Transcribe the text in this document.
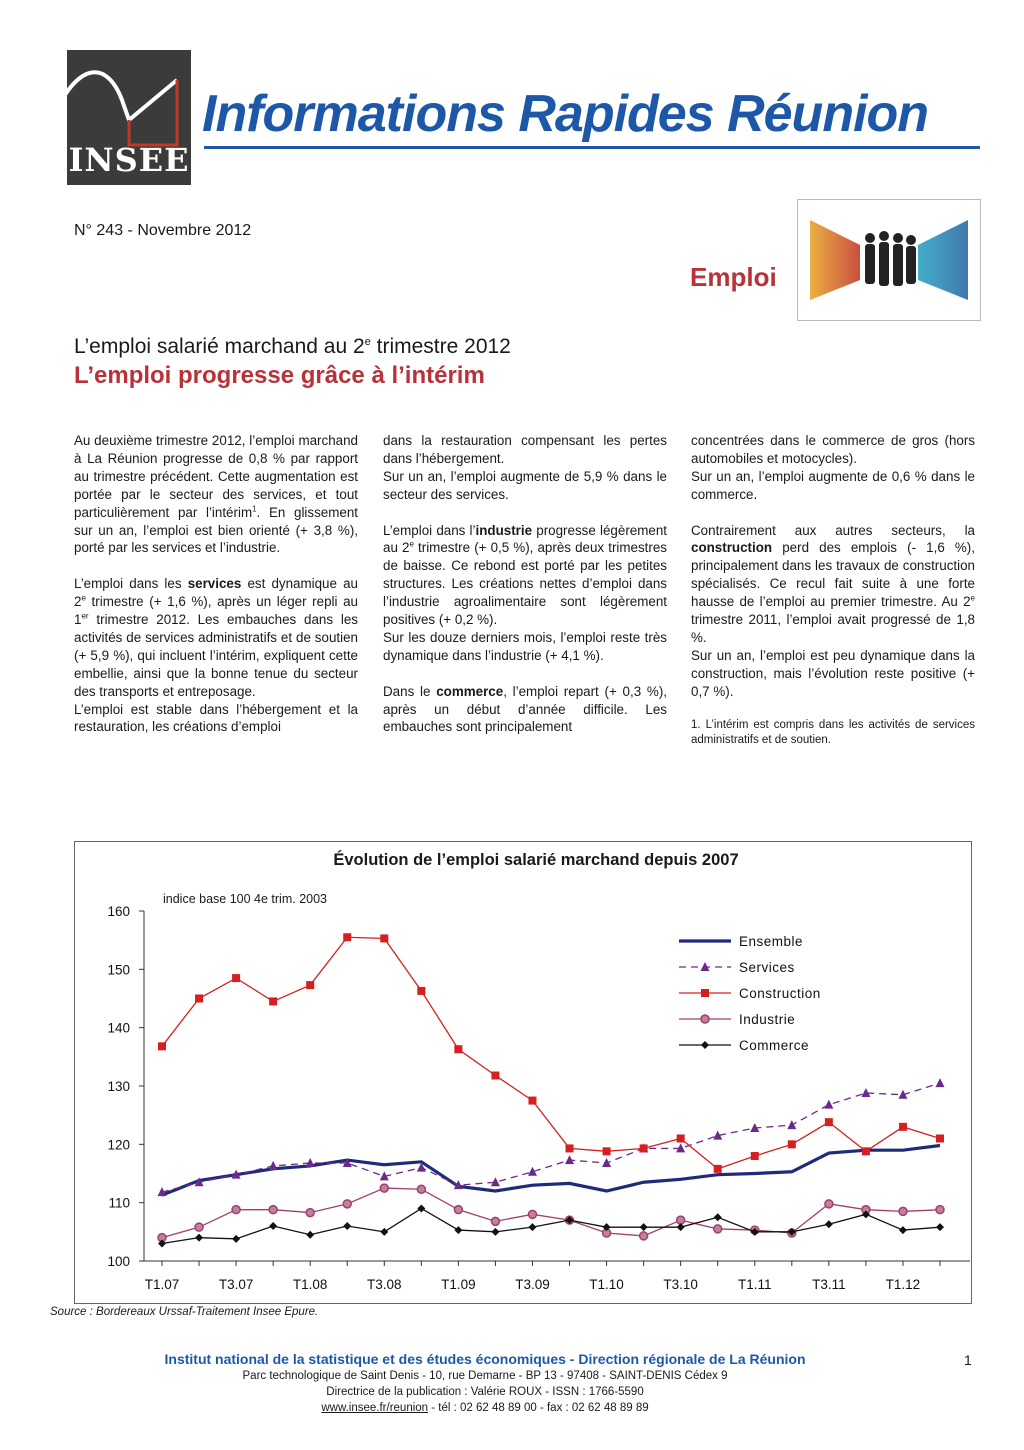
INSEE
Informations Rapides Réunion
N° 243 - Novembre 2012
Emploi
L’emploi salarié marchand au 2e trimestre 2012
L’emploi progresse grâce à l’intérim

Au deuxième trimestre 2012, l’emploi marchand à La Réunion progresse de 0,8 % par rapport au trimestre précédent. Cette augmentation est portée par le secteur des services, et tout particulièrement par l’intérim$^1$. En glissement sur un an, l’emploi est bien orienté (+ 3,8 %), porté par les services et l’industrie.

L’emploi dans les services est dynamique au 2e trimestre (+ 1,6 %), après un léger repli au 1er trimestre 2012. Les embauches dans les activités de services administratifs et de soutien (+ 5,9 %), qui incluent l’intérim, expliquent cette embellie, ainsi que la bonne tenue du secteur des transports et entreposage.

L’emploi est stable dans l’hébergement et la restauration, les créations d’emploi

dans la restauration compensant les pertes dans l’hébergement.

Sur un an, l’emploi augmente de 5,9 % dans le secteur des services.

L’emploi dans l’industrie progresse légèrement au 2e trimestre (+ 0,5 %), après deux trimestres de baisse. Ce rebond est porté par les petites structures. Les créations nettes d’emploi dans l’industrie agroalimentaire sont légèrement positives (+ 0,2 %).

Sur les douze derniers mois, l’emploi reste très dynamique dans l’industrie (+ 4,1 %).

Dans le commerce, l’emploi repart (+ 0,3 %), après un début d’année difficile. Les embauches sont principalement

concentrées dans le commerce de gros (hors automobiles et motocycles).

Sur un an, l’emploi augmente de 0,6 % dans le commerce.

Contrairement aux autres secteurs, la construction perd des emplois (- 1,6 %), principalement dans les travaux de construction spécialisés. Ce recul fait suite à une forte hausse de l’emploi au premier trimestre. Au 2e trimestre 2011, l’emploi avait progressé de 1,8 %.

Sur un an, l’emploi est peu dynamique dans la construction, mais l’évolution reste positive (+ 0,7 %).

1. L’intérim est compris dans les activités de services administratifs et de soutien.
Évolution de l’emploi salarié marchand depuis 2007
indice base 100 4e trim. 2003
100
110
120
130
140
150
160
T1.07	T3.07	T1.08	T3.08	T1.09	T3.09	T1.10	T3.10	T1.11	T3.11	T1.12
Ensemble
Services
Construction
Industrie
Commerce
Source : Bordereaux Urssaf-Traitement Insee Epure.
Institut national de la statistique et des études économiques - Direction régionale de La Réunion
Parc technologique de Saint Denis - 10, rue Demarne - BP 13 - 97408 - SAINT-DENIS Cédex 9
Directrice de la publication : Valérie ROUX - ISSN : 1766-5590
www.insee.fr/reunion - tél : 02 62 48 89 00 - fax : 02 62 48 89 89
1
